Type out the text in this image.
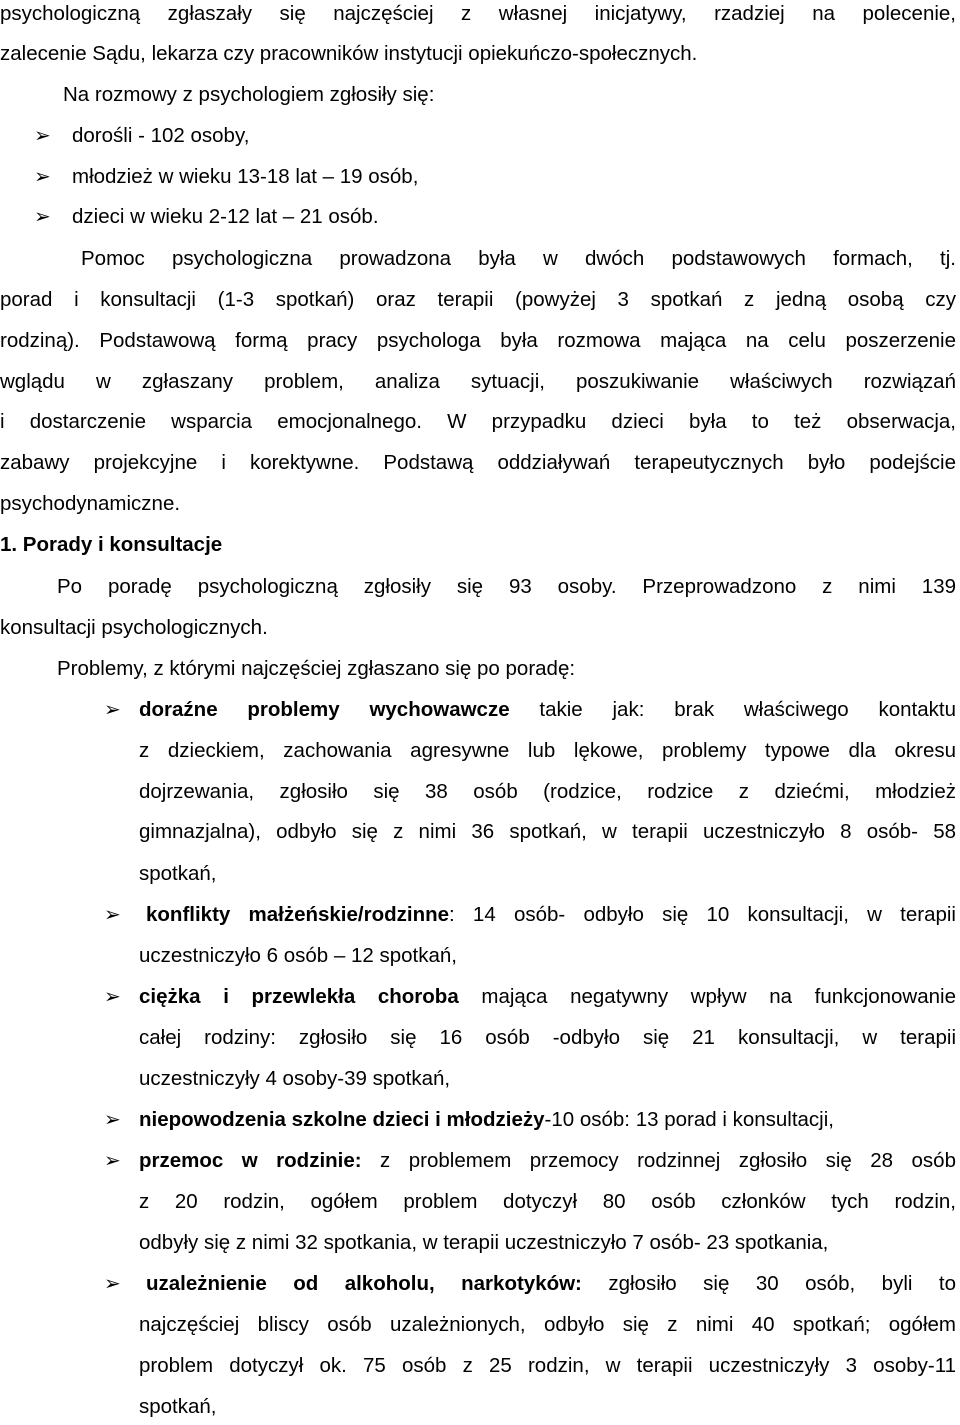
psychologiczną zgłaszały się najczęściej z własnej inicjatywy, rzadziej na polecenie,
zalecenie Sądu, lekarza czy pracowników instytucji opiekuńczo-społecznych.
Na rozmowy z psychologiem zgłosiły się:
➢ dorośli - 102 osoby,
➢ młodzież w wieku 13-18 lat – 19 osób,
➢ dzieci w wieku 2-12 lat – 21 osób.
Pomoc psychologiczna prowadzona była w dwóch podstawowych formach, tj.
porad i konsultacji (1-3 spotkań) oraz terapii (powyżej 3 spotkań z jedną osobą czy
rodziną). Podstawową formą pracy psychologa była rozmowa mająca na celu poszerzenie
wglądu w zgłaszany problem, analiza sytuacji, poszukiwanie właściwych rozwiązań
i dostarczenie wsparcia emocjonalnego. W przypadku dzieci była to też obserwacja,
zabawy projekcyjne i korektywne. Podstawą oddziaływań terapeutycznych było podejście
psychodynamiczne.
1. Porady i konsultacje
Po poradę psychologiczną zgłosiły się 93 osoby. Przeprowadzono z nimi 139
konsultacji psychologicznych.
Problemy, z którymi najczęściej zgłaszano się po poradę:
➢ doraźne problemy wychowawcze takie jak: brak właściwego kontaktu
z dzieckiem, zachowania agresywne lub lękowe, problemy typowe dla okresu
dojrzewania, zgłosiło się 38 osób (rodzice, rodzice z dziećmi, młodzież
gimnazjalna), odbyło się z nimi 36 spotkań, w terapii uczestniczyło 8 osób- 58
spotkań,
➢ konflikty małżeńskie/rodzinne: 14 osób- odbyło się 10 konsultacji, w terapii
uczestniczyło 6 osób – 12 spotkań,
➢ ciężka i przewlekła choroba mająca negatywny wpływ na funkcjonowanie
całej rodziny: zgłosiło się 16 osób -odbyło się 21 konsultacji, w terapii
uczestniczyły 4 osoby-39 spotkań,
➢ niepowodzenia szkolne dzieci i młodzieży-10 osób: 13 porad i konsultacji,
➢ przemoc w rodzinie: z problemem przemocy rodzinnej zgłosiło się 28 osób
z 20 rodzin, ogółem problem dotyczył 80 osób członków tych rodzin,
odbyły się z nimi 32 spotkania, w terapii uczestniczyło 7 osób- 23 spotkania,
➢ uzależnienie od alkoholu, narkotyków: zgłosiło się 30 osób, byli to
najczęściej bliscy osób uzależnionych, odbyło się z nimi 40 spotkań; ogółem
problem dotyczył ok. 75 osób z 25 rodzin, w terapii uczestniczyły 3 osoby-11
spotkań,
